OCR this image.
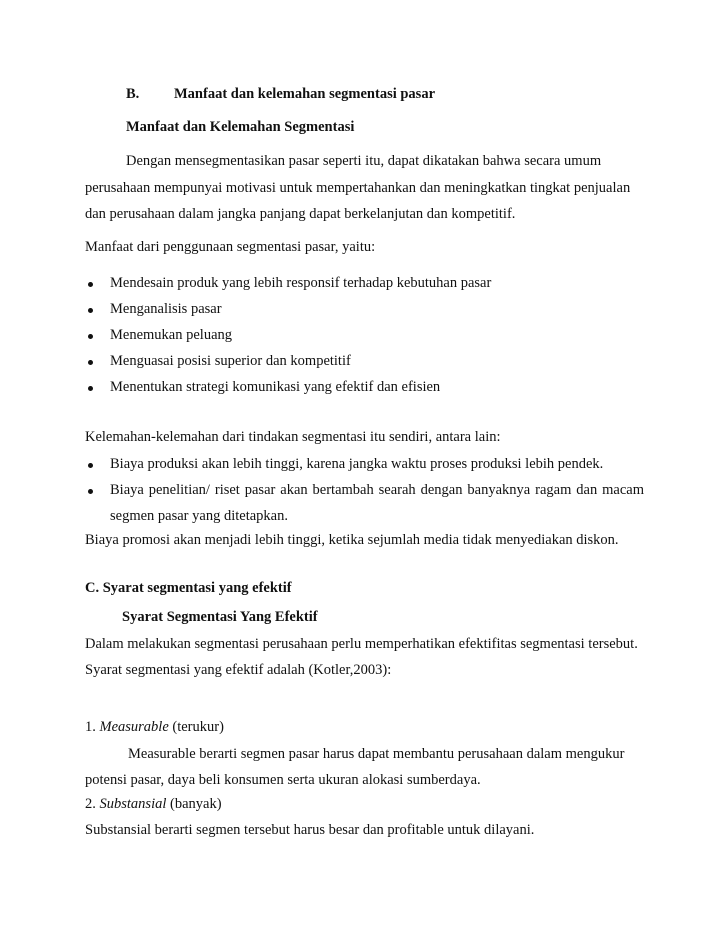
B. Manfaat dan kelemahan segmentasi pasar
Manfaat dan Kelemahan Segmentasi
Dengan mensegmentasikan pasar seperti itu, dapat dikatakan bahwa secara umum
perusahaan mempunyai motivasi untuk mempertahankan dan meningkatkan tingkat penjualan
dan perusahaan dalam jangka panjang dapat berkelanjutan dan kompetitif.
Manfaat dari penggunaan segmentasi pasar, yaitu:
Mendesain produk yang lebih responsif terhadap kebutuhan pasar
Menganalisis pasar
Menemukan peluang
Menguasai posisi superior dan kompetitif
Menentukan strategi komunikasi yang efektif dan efisien
Kelemahan-kelemahan dari tindakan segmentasi itu sendiri, antara lain:
Biaya produksi akan lebih tinggi, karena jangka waktu proses produksi lebih pendek.
Biaya penelitian/ riset pasar akan bertambah searah dengan banyaknya ragam dan macam
segmen pasar yang ditetapkan.
Biaya promosi akan menjadi lebih tinggi, ketika sejumlah media tidak menyediakan diskon.
C. Syarat segmentasi yang efektif
Syarat Segmentasi Yang Efektif
Dalam melakukan segmentasi perusahaan perlu memperhatikan efektifitas segmentasi tersebut.
Syarat segmentasi yang efektif adalah (Kotler,2003):
1. Measurable (terukur)
Measurable berarti segmen pasar harus dapat membantu perusahaan dalam mengukur
potensi pasar, daya beli konsumen serta ukuran alokasi sumberdaya.
2. Substansial (banyak)
Substansial berarti segmen tersebut harus besar dan profitable untuk dilayani.
